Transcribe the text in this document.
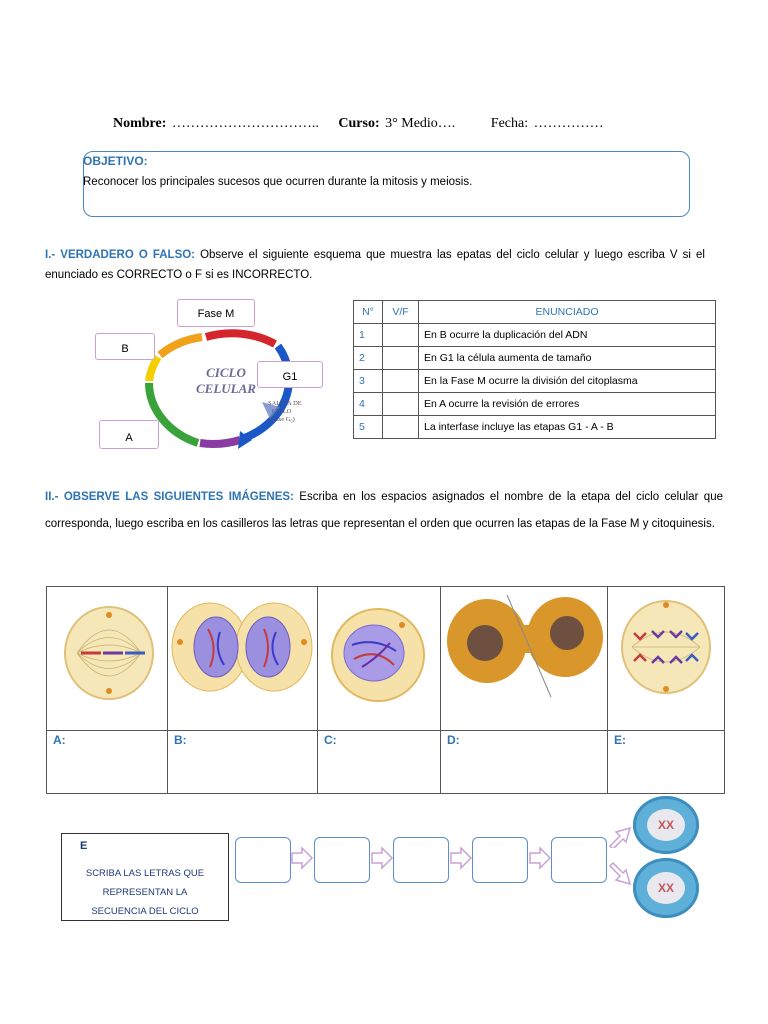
Nombre: ………………………….. Curso: 3° Medio….	Fecha: ……………
OBJETIVO:
Reconocer los principales sucesos que ocurren durante la mitosis y meiosis.
I.- VERDADERO O FALSO: Observe el siguiente esquema que muestra las epatas del ciclo celular y luego escriba V si el enunciado es CORRECTO o F si es INCORRECTO.
CICLO
CELULAR
SALIDA DE
CICLO
(Fase G₀)
Fase M
B
G1
A
N°	V/F	ENUNCIADO
1		En B ocurre la duplicación del ADN
2		En G1 la célula aumenta de tamaño
3		En la Fase M ocurre la división del citoplasma
4		En A ocurre la revisión de errores
5		La interfase incluye las etapas G1 - A - B
II.- OBSERVE LAS SIGUIENTES IMÁGENES: Escriba en los espacios asignados el nombre de la etapa del ciclo celular que corresponda, luego escriba en los casilleros las letras que representan el orden que ocurren las etapas de la Fase M y citoquinesis.

A:	B:	C:	D:	E:
E
SCRIBA LAS LETRAS QUE
REPRESENTAN LA
SECUENCIA DEL CICLO
XX
XX
